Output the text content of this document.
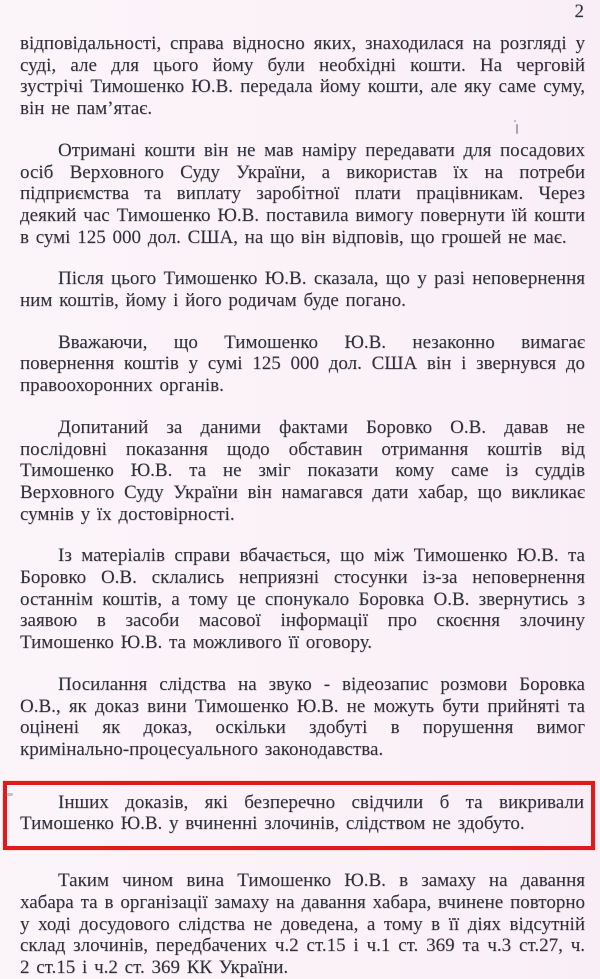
2

відповідальності, справа відносно яких, знаходилася на розгляді у суді, але для цього йому були необхідні кошти. На черговій зустрічі Тимошенко Ю.В. передала йому кошти, але яку саме суму, він не пам’ятає.

Отримані кошти він не мав наміру передавати для посадових осіб Верховного Суду України, а використав їх на потреби підприємства та виплату заробітної плати працівникам. Через деякий час Тимошенко Ю.В. поставила вимогу повернути їй кошти в сумі 125 000 дол. США, на що він відповів, що грошей не має.

Після цього Тимошенко Ю.В. сказала, що у разі неповернення ним коштів, йому і його родичам буде погано.

Вважаючи, що Тимошенко Ю.В. незаконно вимагає повернення коштів у сумі 125 000 дол. США він і звернувся до правоохоронних органів.

Допитаний за даними фактами Боровко О.В. давав не послідовні показання щодо обставин отримання коштів від Тимошенко Ю.В. та не зміг показати кому саме із суддів Верховного Суду України він намагався дати хабар, що викликає сумнів у їх достовірності.

Із матеріалів справи вбачається, що між Тимошенко Ю.В. та Боровко О.В. склались неприязні стосунки із-за неповернення останнім коштів, а тому це спонукало Боровка О.В. звернутись з заявою в засоби масової інформації про скоєння злочину Тимошенко Ю.В. та можливого її оговору.

Посилання слідства на звуко - відеозапис розмови Боровка О.В., як доказ вини Тимошенко Ю.В. не можуть бути прийняті та оцінені як доказ, оскільки здобуті в порушення вимог кримінально-процесуального законодавства.

Інших доказів, які безперечно свідчили б та викривали Тимошенко Ю.В. у вчиненні злочинів, слідством не здобуто.

Таким чином вина Тимошенко Ю.В. в замаху на давання хабара та в організації замаху на давання хабара, вчинене повторно у ході досудового слідства не доведена, а тому в її діях відсутній склад злочинів, передбачених ч.2 ст.15 і ч.1 ст. 369 та ч.3 ст.27, ч. 2 ст.15 і ч.2 ст. 369 КК України.
